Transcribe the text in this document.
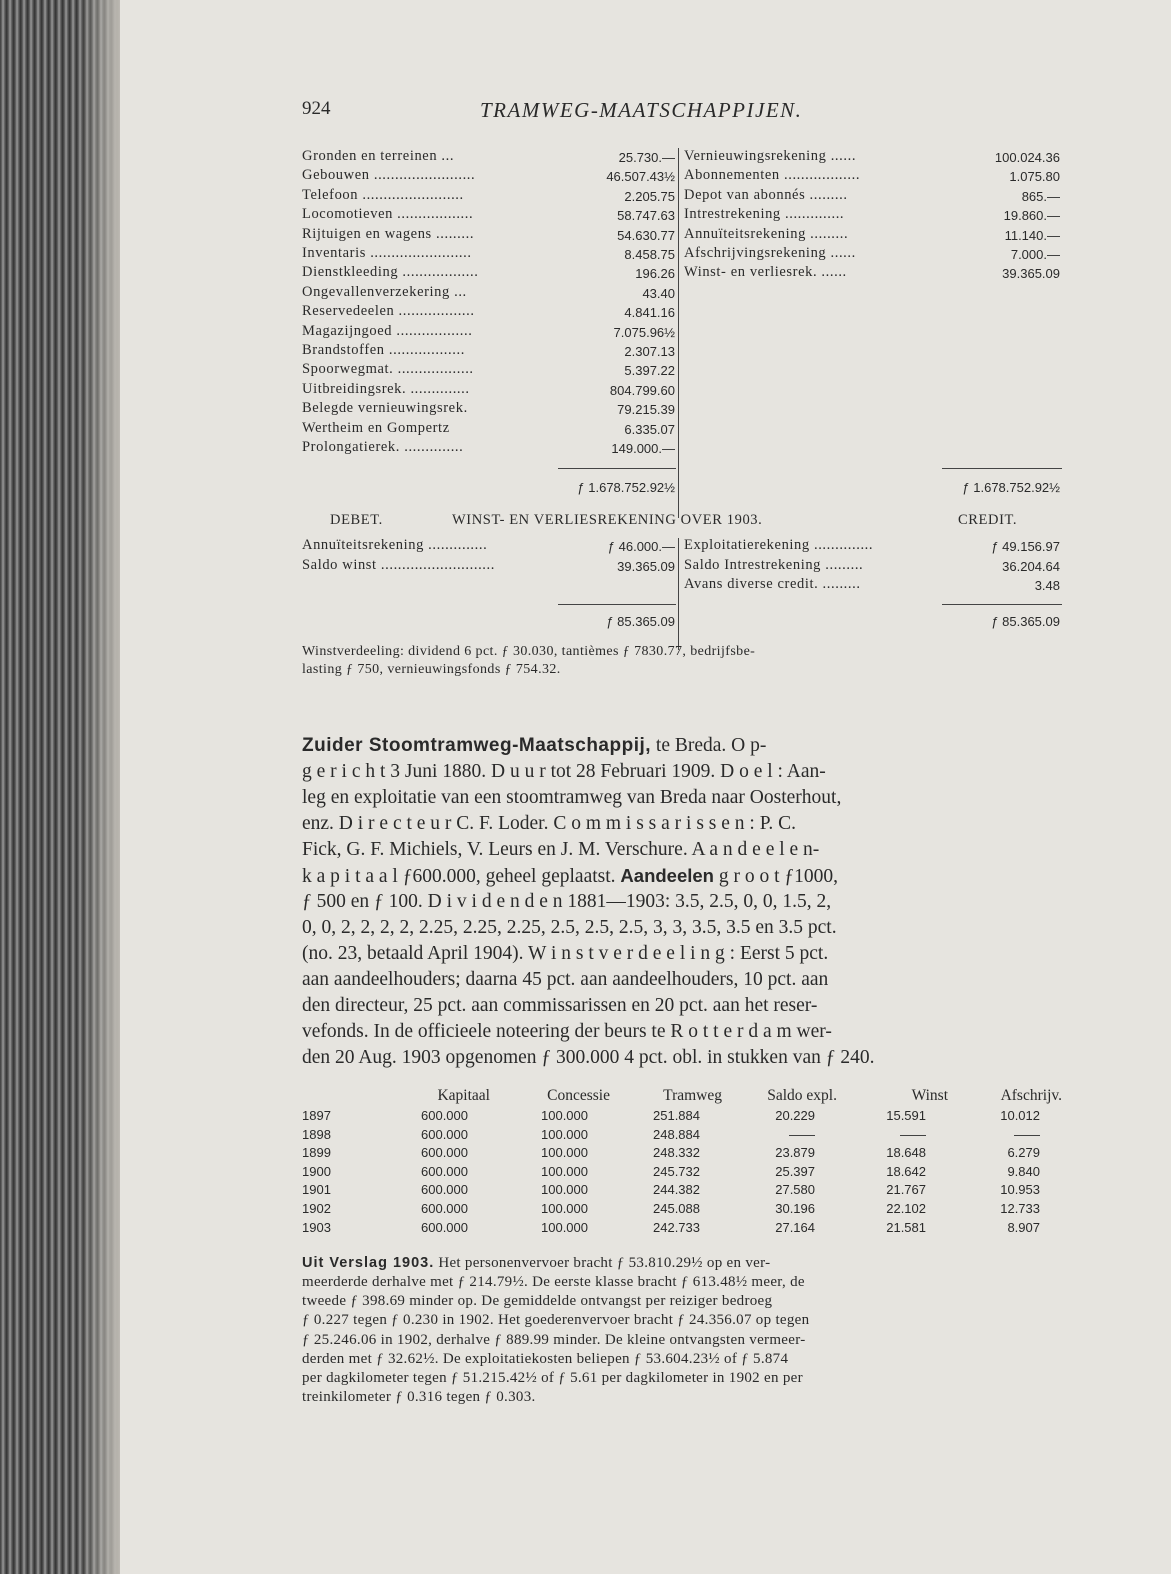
924	TRAMWEG-MAATSCHAPPIJEN.
Gronden en terreinen ...	25.730.—
Gebouwen ........................	46.507.43½
Telefoon ........................	2.205.75
Locomotieven ..................	58.747.63
Rijtuigen en wagens .........	54.630.77
Inventaris ........................	8.458.75
Dienstkleeding ..................	196.26
Ongevallenverzekering ...	43.40
Reservedeelen ..................	4.841.16
Magazijngoed ..................	7.075.96½
Brandstoffen ..................	2.307.13
Spoorwegmat. ..................	5.397.22
Uitbreidingsrek. ..............	804.799.60
Belegde vernieuwingsrek.	79.215.39
Wertheim en Gompertz	6.335.07
Prolongatierek. ..............	149.000.—
Vernieuwingsrekening ......	100.024.36
Abonnementen ..................	1.075.80
Depot van abonnés .........	865.—
Intrestrekening ..............	19.860.—
Annuïteitsrekening .........	11.140.—
Afschrijvingsrekening ......	7.000.—
Winst- en verliesrek. ......	39.365.09
ƒ 1.678.752.92½	ƒ 1.678.752.92½
DEBET.	WINST- EN VERLIESREKENING OVER 1903.	CREDIT.
Annuïteitsrekening ..............	ƒ 46.000.—
Saldo winst ...........................	39.365.09
Exploitatierekening ..............	ƒ 49.156.97
Saldo Intrestrekening .........	36.204.64
Avans diverse credit. .........	3.48
ƒ 85.365.09	ƒ 85.365.09
Winstverdeeling: dividend 6 pct. ƒ 30.030, tantièmes ƒ 7830.77, bedrijfsbe-
lasting ƒ 750, vernieuwingsfonds ƒ 754.32.
Zuider Stoomtramweg-Maatschappij, te Breda. O p-
g e r i c h t 3 Juni 1880. D u u r tot 28 Februari 1909. D o e l : Aan-
leg en exploitatie van een stoomtramweg van Breda naar Oosterhout,
enz. D i r e c t e u r C. F. Loder. C o m m i s s a r i s s e n : P. C.
Fick, G. F. Michiels, V. Leurs en J. M. Verschure. A a n d e e l e n-
k a p i t a a l ƒ600.000, geheel geplaatst. Aandeelen g r o o t ƒ1000,
ƒ 500 en ƒ 100. D i v i d e n d e n 1881—1903: 3.5, 2.5, 0, 0, 1.5, 2,
0, 0, 2, 2, 2, 2, 2.25, 2.25, 2.25, 2.5, 2.5, 2.5, 3, 3, 3.5, 3.5 en 3.5 pct.
(no. 23, betaald April 1904). W i n s t v e r d e e l i n g : Eerst 5 pct.
aan aandeelhouders; daarna 45 pct. aan aandeelhouders, 10 pct. aan
den directeur, 25 pct. aan commissarissen en 20 pct. aan het reser-
vefonds. In de officieele noteering der beurs te R o t t e r d a m wer-
den 20 Aug. 1903 opgenomen ƒ 300.000 4 pct. obl. in stukken van ƒ 240.
Kapitaal	Concessie	Tramweg	Saldo expl.	Winst	Afschrijv.
1897	600.000	100.000	251.884	20.229	15.591	10.012
1898	600.000	100.000	248.884	——	——	——
1899	600.000	100.000	248.332	23.879	18.648	6.279
1900	600.000	100.000	245.732	25.397	18.642	9.840
1901	600.000	100.000	244.382	27.580	21.767	10.953
1902	600.000	100.000	245.088	30.196	22.102	12.733
1903	600.000	100.000	242.733	27.164	21.581	8.907
Uit Verslag 1903. Het personenvervoer bracht ƒ 53.810.29½ op en ver-
meerderde derhalve met ƒ 214.79½. De eerste klasse bracht ƒ 613.48½ meer, de
tweede ƒ 398.69 minder op. De gemiddelde ontvangst per reiziger bedroeg
ƒ 0.227 tegen ƒ 0.230 in 1902. Het goederenvervoer bracht ƒ 24.356.07 op tegen
ƒ 25.246.06 in 1902, derhalve ƒ 889.99 minder. De kleine ontvangsten vermeer-
derden met ƒ 32.62½. De exploitatiekosten beliepen ƒ 53.604.23½ of ƒ 5.874
per dagkilometer tegen ƒ 51.215.42½ of ƒ 5.61 per dagkilometer in 1902 en per
treinkilometer ƒ 0.316 tegen ƒ 0.303.
